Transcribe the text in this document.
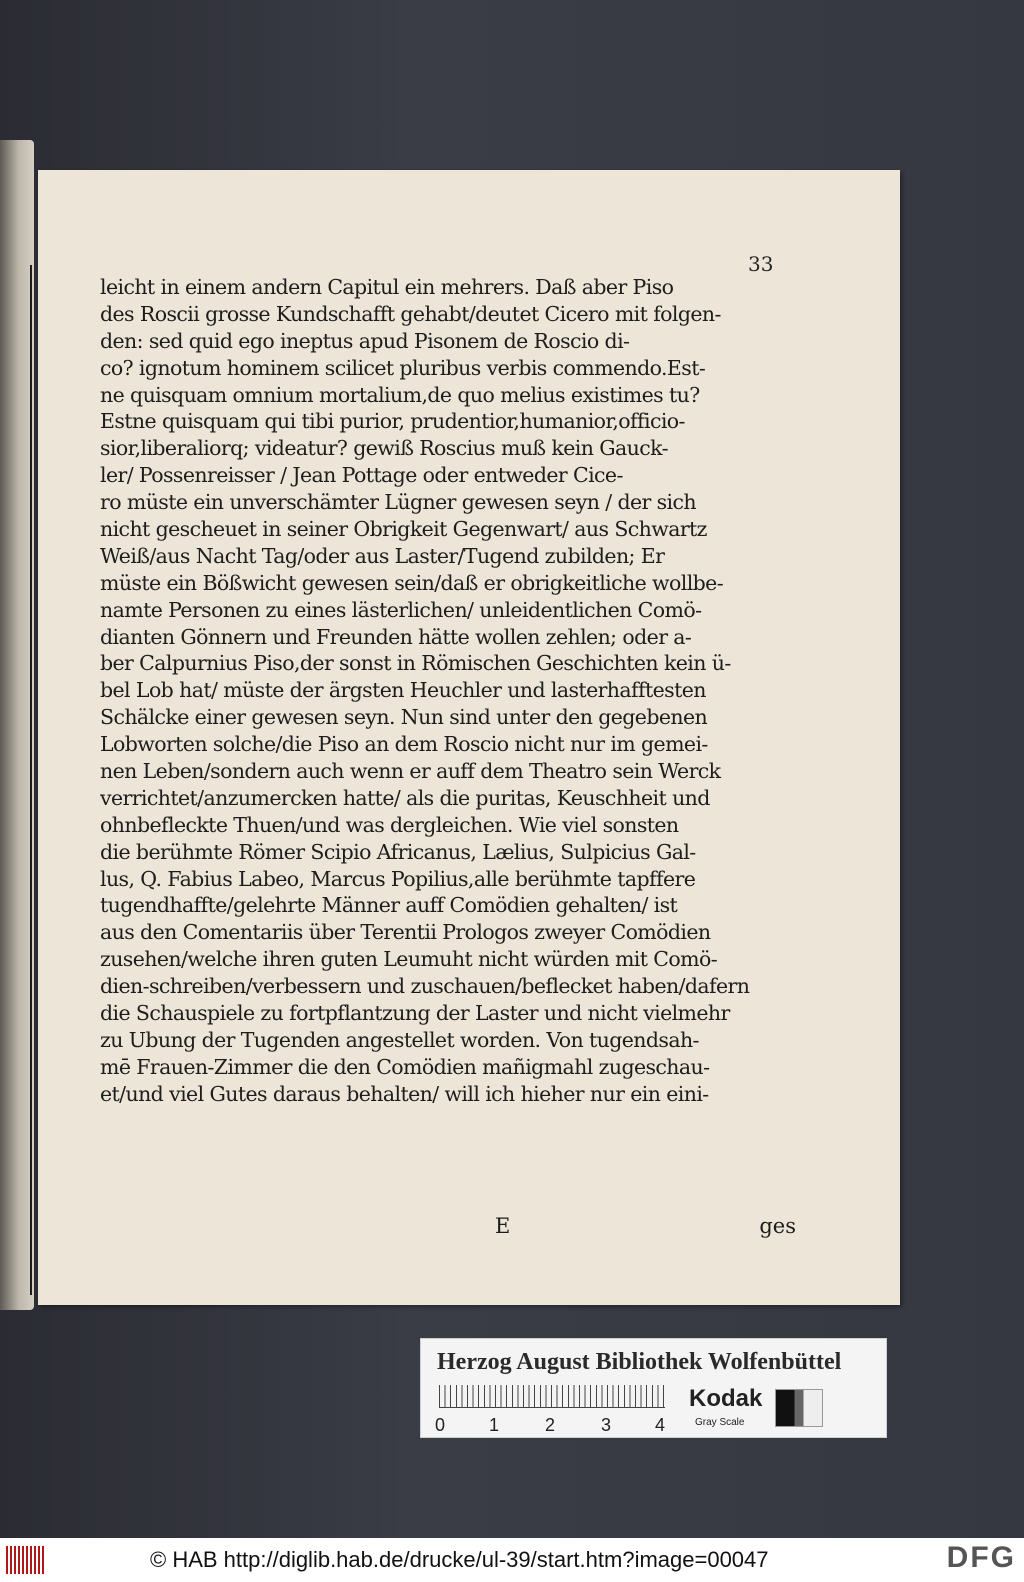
33
leicht in einem andern Capitul ein mehrers. Daß aber Piso
des Roscii grosse Kundschafft gehabt/deutet Cicero mit folgen-
den: sed quid ego ineptus apud Pisonem de Roscio di-
co? ignotum hominem scilicet pluribus verbis commendo.Est-
ne quisquam omnium mortalium,de quo melius existimes tu?
Estne quisquam qui tibi purior, prudentior,humanior,officio-
sior,liberaliorq; videatur? gewiß Roscius muß kein Gauck-
ler/ Possenreisser / Jean Pottage oder entweder Cice-
ro müste ein unverschämter Lügner gewesen seyn / der sich
nicht gescheuet in seiner Obrigkeit Gegenwart/ aus Schwartz
Weiß/aus Nacht Tag/oder aus Laster/Tugend zubilden; Er
müste ein Bößwicht gewesen sein/daß er obrigkeitliche wollbe-
namte Personen zu eines lästerlichen/ unleidentlichen Comö-
dianten Gönnern und Freunden hätte wollen zehlen; oder a-
ber Calpurnius Piso,der sonst in Römischen Geschichten kein ü-
bel Lob hat/ müste der ärgsten Heuchler und lasterhafftesten
Schälcke einer gewesen seyn. Nun sind unter den gegebenen
Lobworten solche/die Piso an dem Roscio nicht nur im gemei-
nen Leben/sondern auch wenn er auff dem Theatro sein Werck
verrichtet/anzumercken hatte/ als die puritas, Keuschheit und
ohnbefleckte Thuen/und was dergleichen. Wie viel sonsten
die berühmte Römer Scipio Africanus, Lælius, Sulpicius Gal-
lus, Q. Fabius Labeo, Marcus Popilius,alle berühmte tapffere
tugendhaffte/gelehrte Männer auff Comödien gehalten/ ist
aus den Comentariis über Terentii Prologos zweyer Comödien
zusehen/welche ihren guten Leumuht nicht würden mit Comö-
dien-schreiben/verbessern und zuschauen/beflecket haben/dafern
die Schauspiele zu fortpflantzung der Laster und nicht vielmehr
zu Ubung der Tugenden angestellet worden. Von tugendsah-
mē Frauen-Zimmer die den Comödien mañigmahl zugeschau-
et/und viel Gutes daraus behalten/ will ich hieher nur ein eini-
E	ges
Herzog August Bibliothek Wolfenbüttel
0 1	2	3 4
Kodak
Gray Scale
© HAB http://diglib.hab.de/drucke/ul-39/start.htm?image=00047	DFG
